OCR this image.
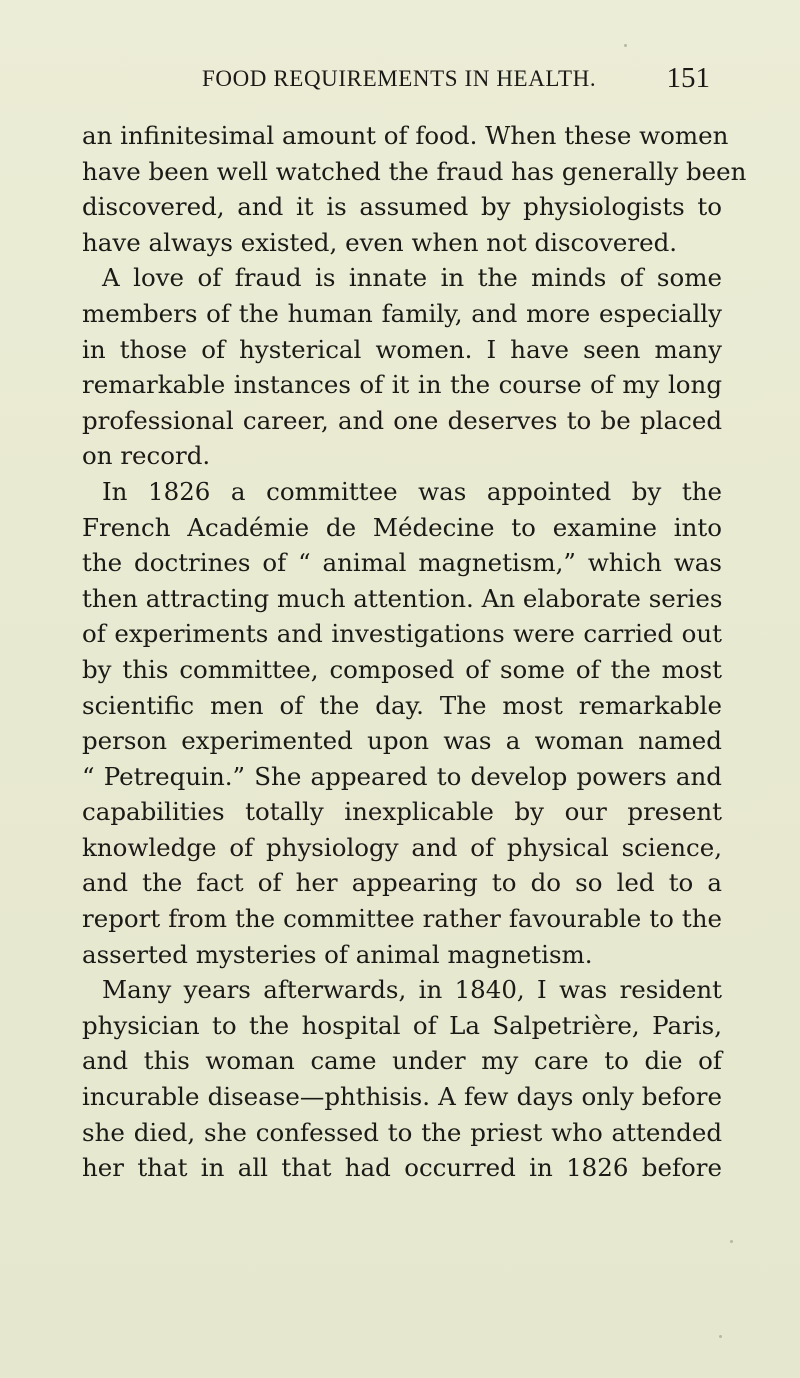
FOOD REQUIREMENTS IN HEALTH. 151
an infinitesimal amount of food. When these women
have been well watched the fraud has generally been
discovered, and it is assumed by physiologists to
have always existed, even when not discovered.
A love of fraud is innate in the minds of some
members of the human family, and more especially
in those of hysterical women. I have seen many
remarkable instances of it in the course of my long
professional career, and one deserves to be placed
on record.
In 1826 a committee was appointed by the
French Académie de Médecine to examine into
the doctrines of “ animal magnetism,” which was
then attracting much attention. An elaborate series
of experiments and investigations were carried out
by this committee, composed of some of the most
scientific men of the day. The most remarkable
person experimented upon was a woman named
“ Petrequin.” She appeared to develop powers and
capabilities totally inexplicable by our present
knowledge of physiology and of physical science,
and the fact of her appearing to do so led to a
report from the committee rather favourable to the
asserted mysteries of animal magnetism.
Many years afterwards, in 1840, I was resident
physician to the hospital of La Salpetrière, Paris,
and this woman came under my care to die of
incurable disease—phthisis. A few days only before
she died, she confessed to the priest who attended
her that in all that had occurred in 1826 before
